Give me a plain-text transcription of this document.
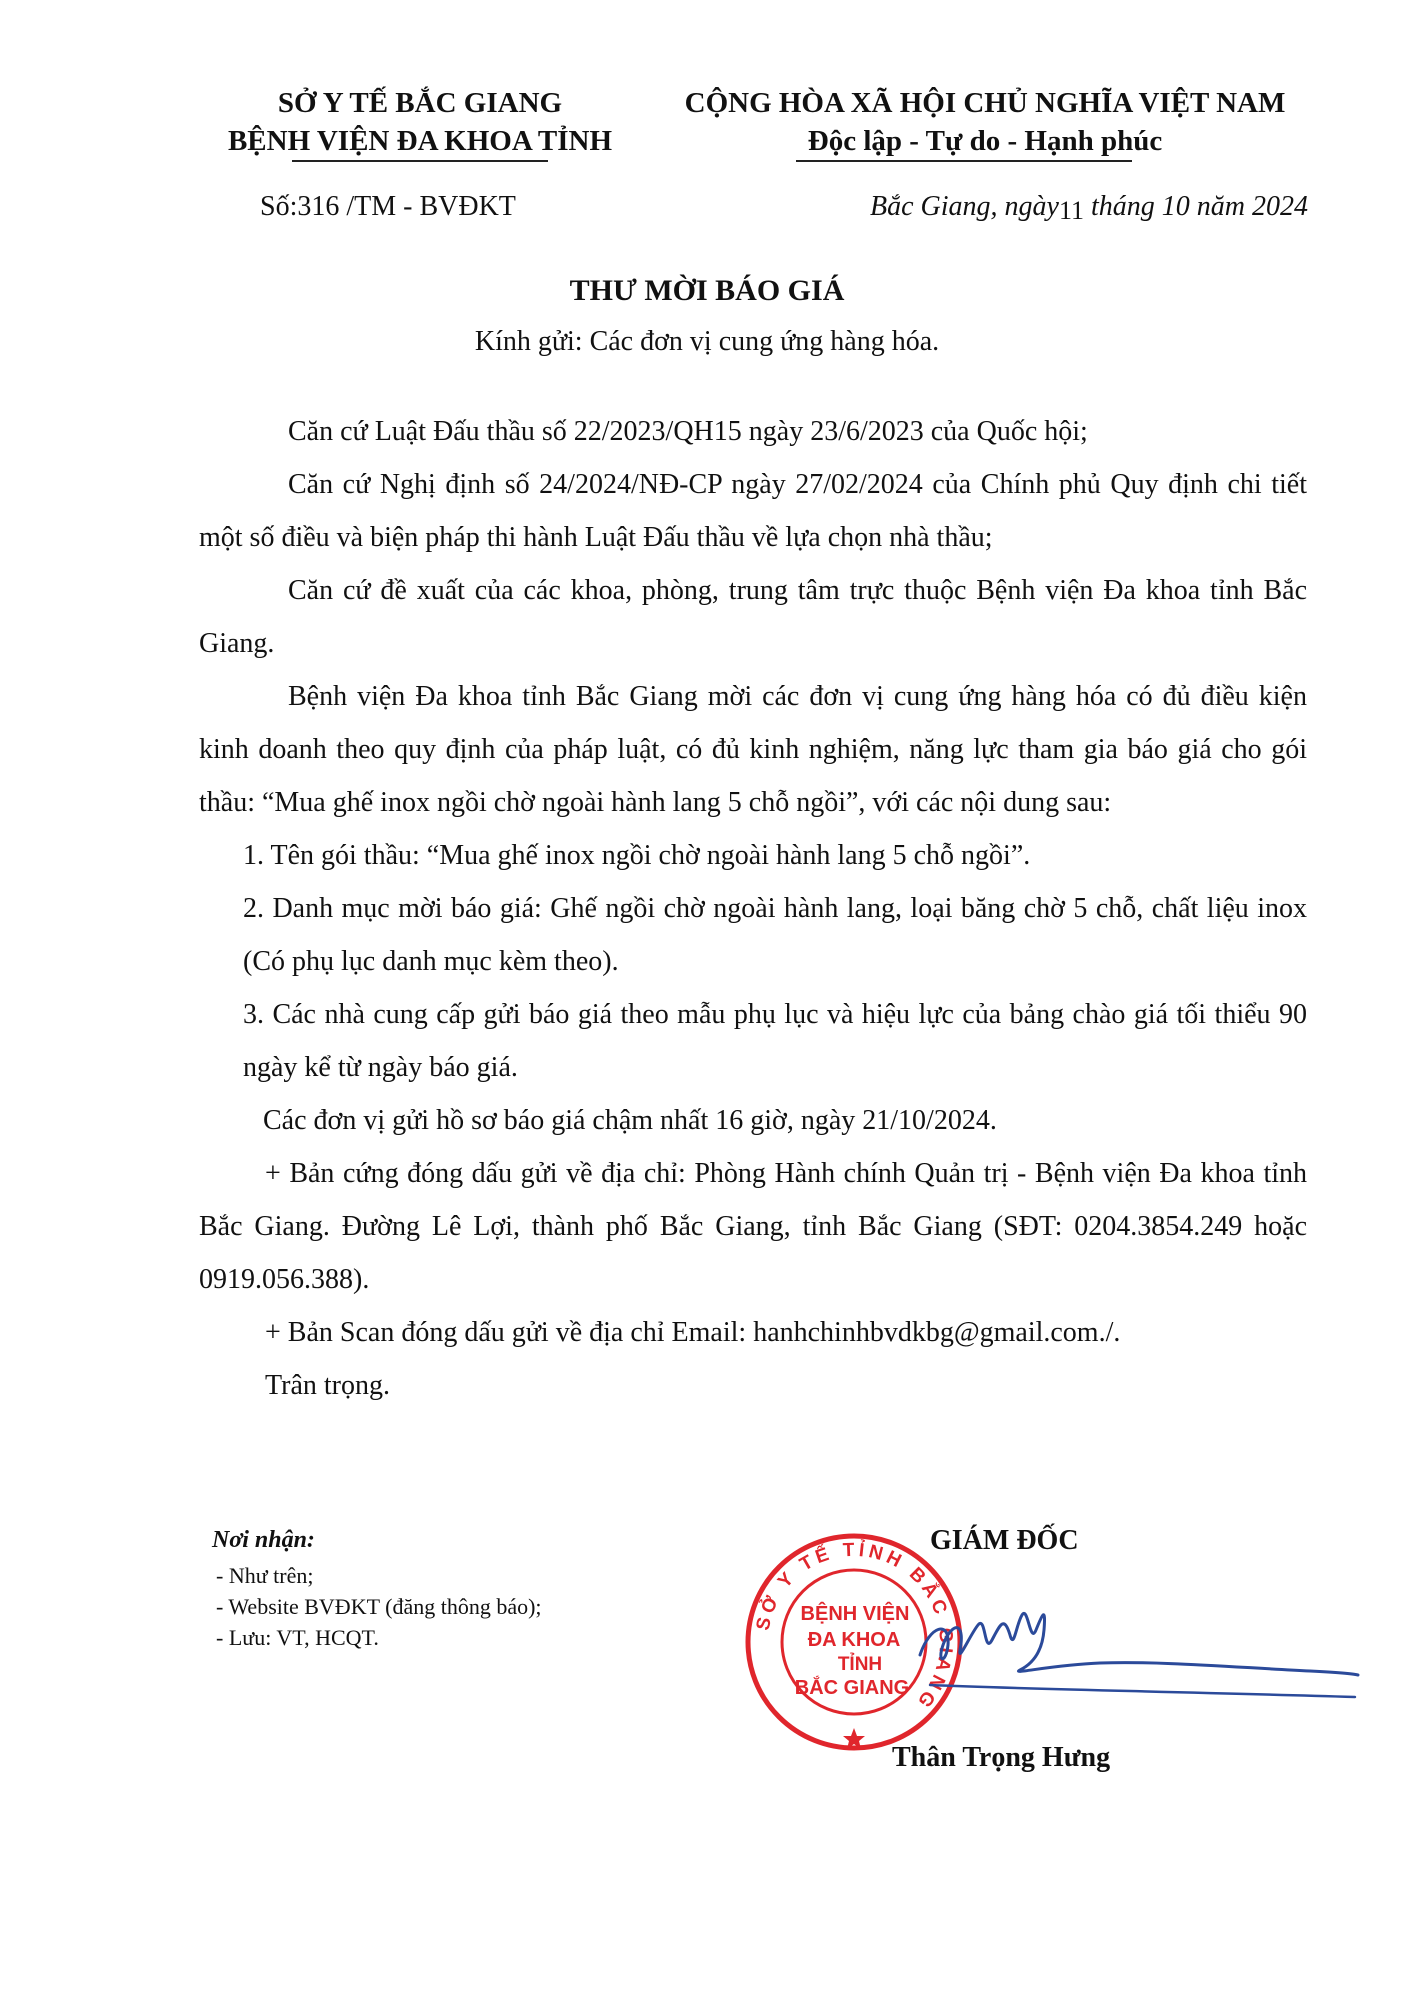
SỞ Y TẾ BẮC GIANG
BỆNH VIỆN ĐA KHOA TỈNH
CỘNG HÒA XÃ HỘI CHỦ NGHĨA VIỆT NAM
Độc lập - Tự do - Hạnh phúc
Số:316 /TM - BVĐKT	Bắc Giang, ngày11 tháng 10 năm 2024
THƯ MỜI BÁO GIÁ
Kính gửi: Các đơn vị cung ứng hàng hóa.

Căn cứ Luật Đấu thầu số 22/2023/QH15 ngày 23/6/2023 của Quốc hội;

Căn cứ Nghị định số 24/2024/NĐ-CP ngày 27/02/2024 của Chính phủ Quy định chi tiết một số điều và biện pháp thi hành Luật Đấu thầu về lựa chọn nhà thầu;

Căn cứ đề xuất của các khoa, phòng, trung tâm trực thuộc Bệnh viện Đa khoa tỉnh Bắc Giang.

Bệnh viện Đa khoa tỉnh Bắc Giang mời các đơn vị cung ứng hàng hóa có đủ điều kiện kinh doanh theo quy định của pháp luật, có đủ kinh nghiệm, năng lực tham gia báo giá cho gói thầu: “Mua ghế inox ngồi chờ ngoài hành lang 5 chỗ ngồi”, với các nội dung sau:

1. Tên gói thầu: “Mua ghế inox ngồi chờ ngoài hành lang 5 chỗ ngồi”.

2. Danh mục mời báo giá: Ghế ngồi chờ ngoài hành lang, loại băng chờ 5 chỗ, chất liệu inox (Có phụ lục danh mục kèm theo).

3. Các nhà cung cấp gửi báo giá theo mẫu phụ lục và hiệu lực của bảng chào giá tối thiểu 90 ngày kể từ ngày báo giá.

Các đơn vị gửi hồ sơ báo giá chậm nhất 16 giờ, ngày 21/10/2024.

+ Bản cứng đóng dấu gửi về địa chỉ: Phòng Hành chính Quản trị - Bệnh viện Đa khoa tỉnh Bắc Giang. Đường Lê Lợi, thành phố Bắc Giang, tỉnh Bắc Giang (SĐT: 0204.3854.249 hoặc 0919.056.388).

+ Bản Scan đóng dấu gửi về địa chỉ Email: hanhchinhbvdkbg@gmail.com./.

Trân trọng.

Nơi nhận:
- Như trên;
- Website BVĐKT (đăng thông báo);
- Lưu: VT, HCQT.
GIÁM ĐỐC
SỞ Y TẾ TỈNH BẮC GIANG
BỆNH VIỆN
ĐA KHOA
TỈNH
BẮC GIANG
Thân Trọng Hưng
